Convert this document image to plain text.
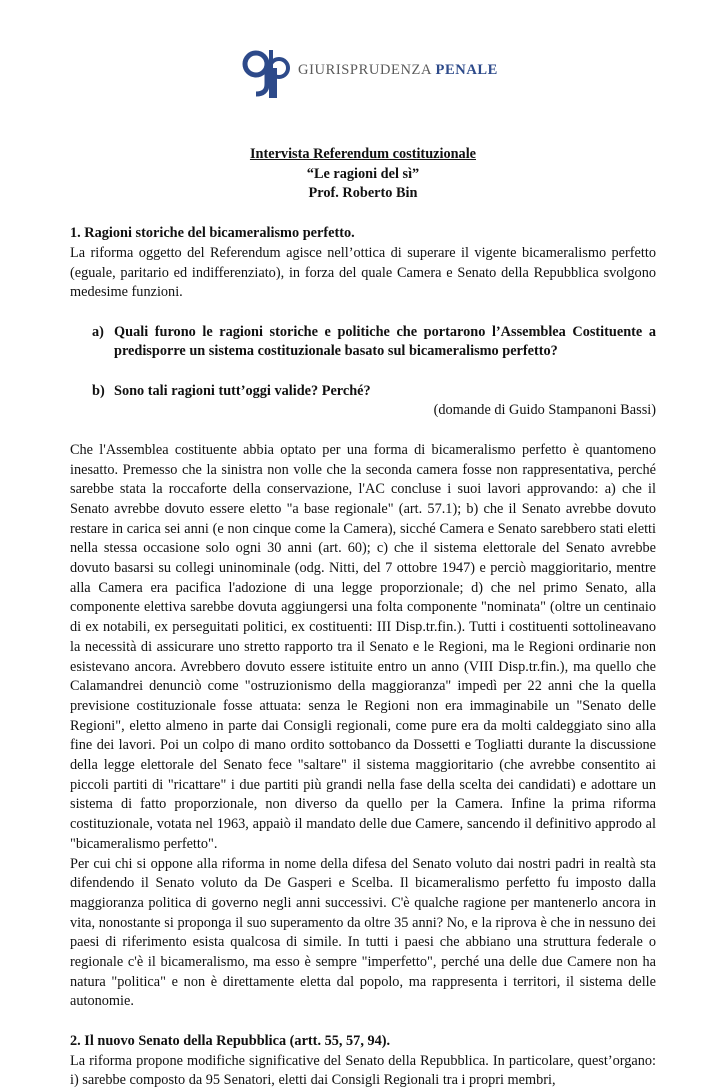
GIURISPRUDENZA PENALE
Intervista Referendum costituzionale
“Le ragioni del sì”
Prof. Roberto Bin

1. Ragioni storiche del bicameralismo perfetto.

La riforma oggetto del Referendum agisce nell’ottica di superare il vigente bicameralismo perfetto (eguale, paritario ed indifferenziato), in forza del quale Camera e Senato della Repubblica svolgono medesime funzioni.

a) Quali furono le ragioni storiche e politiche che portarono l’Assemblea Costituente a predisporre un sistema costituzionale basato sul bicameralismo perfetto?
b) Sono tali ragioni tutt’oggi valide? Perché?

(domande di Guido Stampanoni Bassi)

Che l'Assemblea costituente abbia optato per una forma di bicameralismo perfetto è quantomeno inesatto. Premesso che la sinistra non volle che la seconda camera fosse non rappresentativa, perché sarebbe stata la roccaforte della conservazione, l'AC concluse i suoi lavori approvando: a) che il Senato avrebbe dovuto essere eletto "a base regionale" (art. 57.1); b) che il Senato avrebbe dovuto restare in carica sei anni (e non cinque come la Camera), sicché Camera e Senato sarebbero stati eletti nella stessa occasione solo ogni 30 anni (art. 60); c) che il sistema elettorale del Senato avrebbe dovuto basarsi su collegi uninominale (odg. Nitti, del 7 ottobre 1947) e perciò maggioritario, mentre alla Camera era pacifica l'adozione di una legge proporzionale; d) che nel primo Senato, alla componente elettiva sarebbe dovuta aggiungersi una folta componente "nominata" (oltre un centinaio di ex notabili, ex perseguitati politici, ex costituenti: III Disp.tr.fin.). Tutti i costituenti sottolineavano la necessità di assicurare uno stretto rapporto tra il Senato e le Regioni, ma le Regioni ordinarie non esistevano ancora. Avrebbero dovuto essere istituite entro un anno (VIII Disp.tr.fin.), ma quello che Calamandrei denunciò come "ostruzionismo della maggioranza" impedì per 22 anni che la quella previsione costituzionale fosse attuata: senza le Regioni non era immaginabile un "Senato delle Regioni", eletto almeno in parte dai Consigli regionali, come pure era da molti caldeggiato sino alla fine dei lavori. Poi un colpo di mano ordito sottobanco da Dossetti e Togliatti durante la discussione della legge elettorale del Senato fece "saltare" il sistema maggioritario (che avrebbe consentito ai piccoli partiti di "ricattare" i due partiti più grandi nella fase della scelta dei candidati) e adottare un sistema di fatto proporzionale, non diverso da quello per la Camera. Infine la prima riforma costituzionale, votata nel 1963, appaiò il mandato delle due Camere, sancendo il definitivo approdo al "bicameralismo perfetto".

Per cui chi si oppone alla riforma in nome della difesa del Senato voluto dai nostri padri in realtà sta difendendo il Senato voluto da De Gasperi e Scelba. Il bicameralismo perfetto fu imposto dalla maggioranza politica di governo negli anni successivi. C'è qualche ragione per mantenerlo ancora in vita, nonostante si proponga il suo superamento da oltre 35 anni? No, e la riprova è che in nessuno dei paesi di riferimento esista qualcosa di simile. In tutti i paesi che abbiano una struttura federale o regionale c'è il bicameralismo, ma esso è sempre "imperfetto", perché una delle due Camere non ha natura "politica" e non è direttamente eletta dal popolo, ma rappresenta i territori, il sistema delle autonomie.

2. Il nuovo Senato della Repubblica (artt. 55, 57, 94).

La riforma propone modifiche significative del Senato della Repubblica. In particolare, quest’organo: i) sarebbe composto da 95 Senatori, eletti dai Consigli Regionali tra i propri membri,
